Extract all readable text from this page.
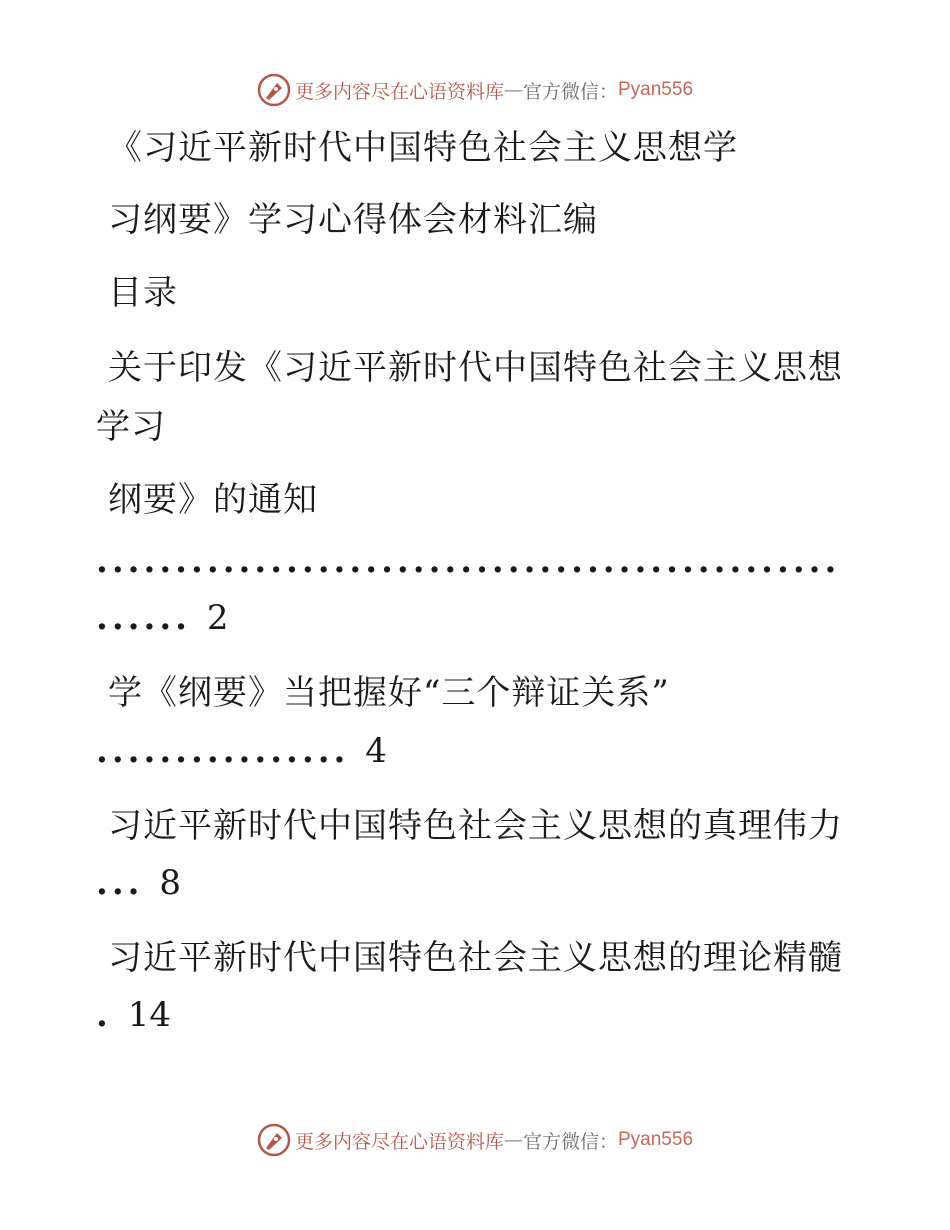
更多内容尽在心语资料库 — 官方微信： Pyan556
《习近平新时代中国特色社会主义思想学
习纲要》学习心得体会材料汇编
目录
关于印发《习近平新时代中国特色社会主义思想
学习
纲要》的通知
...............................................
...... 2
学《纲要》当把握好“三个辩证关系”
................ 4
习近平新时代中国特色社会主义思想的真理伟力
... 8
习近平新时代中国特色社会主义思想的理论精髓
. 14
更多内容尽在心语资料库 — 官方微信： Pyan556
